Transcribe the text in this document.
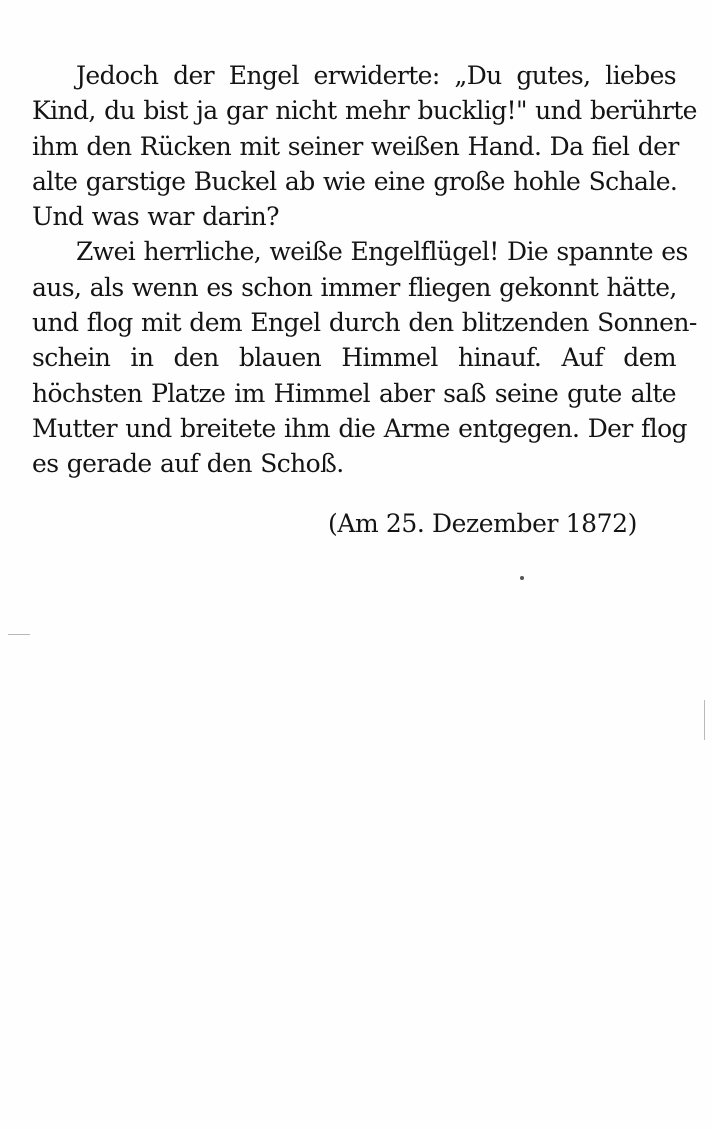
Jedoch der Engel erwiderte: „Du gutes, liebes
Kind, du bist ja gar nicht mehr bucklig!" und berührte
ihm den Rücken mit seiner weißen Hand. Da fiel der
alte garstige Buckel ab wie eine große hohle Schale.
Und was war darin?
Zwei herrliche, weiße Engelflügel! Die spannte es
aus, als wenn es schon immer fliegen gekonnt hätte,
und flog mit dem Engel durch den blitzenden Sonnen-
schein in den blauen Himmel hinauf. Auf dem
höchsten Platze im Himmel aber saß seine gute alte
Mutter und breitete ihm die Arme entgegen. Der flog
es gerade auf den Schoß.
(Am 25. Dezember 1872)
